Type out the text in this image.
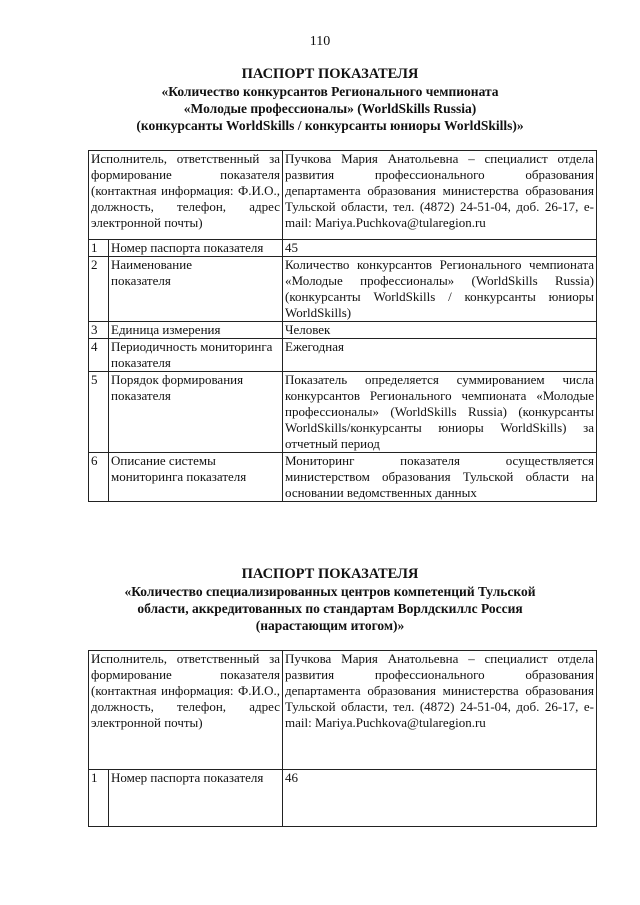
110
ПАСПОРТ ПОКАЗАТЕЛЯ
«Количество конкурсантов Регионального чемпионата
«Молодые профессионалы» (WorldSkills Russia)
(конкурсанты WorldSkills / конкурсанты юниоры WorldSkills)»
Исполнитель, ответственный за формирование показателя (контактная информация: Ф.И.О., должность, телефон, адрес электронной почты)		Пучкова Мария Анатольевна – специалист отдела развития профессионального образования департамента образования министерства образования Тульской области, тел. (4872) 24-51-04, доб. 26-17, e-mail: Mariya.Puchkova@tularegion.ru
1	Номер паспорта показателя	45
2	Наименование показателя	Количество конкурсантов Регионального чемпионата «Молодые профессионалы» (WorldSkills Russia) (конкурсанты WorldSkills / конкурсанты юниоры WorldSkills)
3	Единица измерения	Человек
4	Периодичность мониторинга показателя	Ежегодная
5	Порядок формирования показателя	Показатель определяется суммированием числа конкурсантов Регионального чемпионата «Молодые профессионалы» (WorldSkills Russia) (конкурсанты WorldSkills/конкурсанты юниоры WorldSkills) за отчетный период
6	Описание системы мониторинга показателя	Мониторинг показателя осуществляется министерством образования Тульской области на основании ведомственных данных
ПАСПОРТ ПОКАЗАТЕЛЯ
«Количество специализированных центров компетенций Тульской
области, аккредитованных по стандартам Ворлдскиллс Россия
(нарастающим итогом)»
Исполнитель, ответственный за формирование показателя (контактная информация: Ф.И.О., должность, телефон, адрес электронной почты)		Пучкова Мария Анатольевна – специалист отдела развития профессионального образования департамента образования министерства образования Тульской области, тел. (4872) 24-51-04, доб. 26-17, e-mail: Mariya.Puchkova@tularegion.ru
1	Номер паспорта показателя	46
